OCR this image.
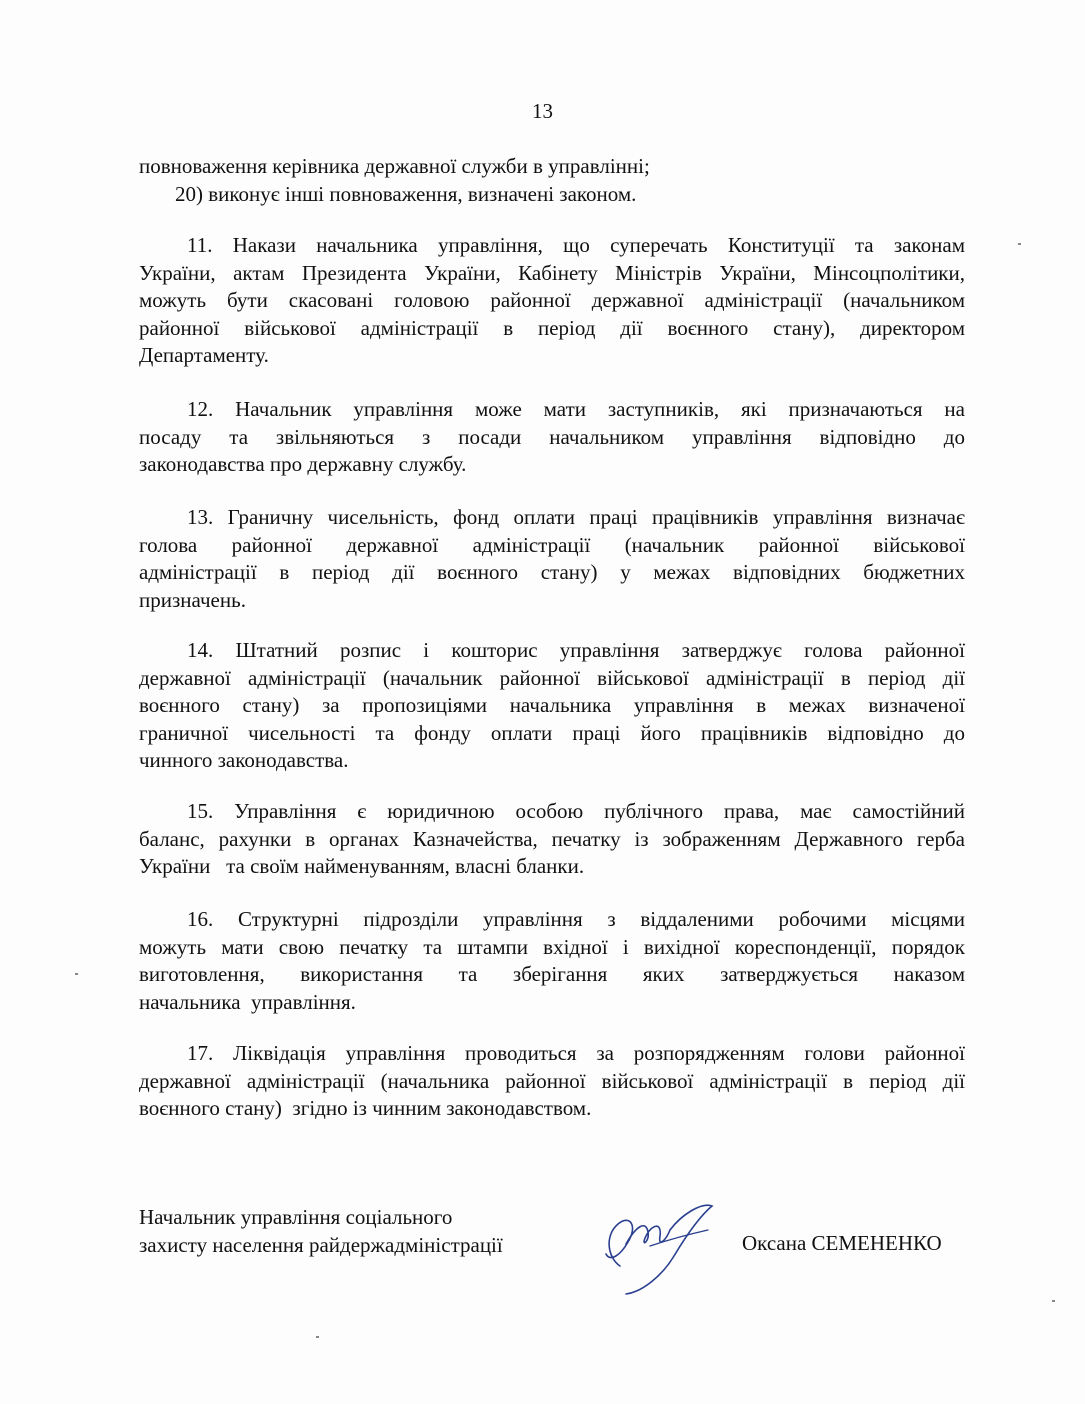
13
повноваження керівника державної служби в управлінні;
20) виконує інші повноваження, визначені законом.
11. Накази начальника управління, що суперечать Конституції та законам
України, актам Президента України, Кабінету Міністрів України, Мінсоцполітики,
можуть бути скасовані головою районної державної адміністрації (начальником
районної військової адміністрації в період дії воєнного стану), директором
Департаменту.
12. Начальник управління може мати заступників, які призначаються на
посаду та звільняються з посади начальником управління відповідно до
законодавства про державну службу.
13. Граничну чисельність, фонд оплати праці працівників управління визначає
голова районної державної адміністрації (начальник районної військової
адміністрації в період дії воєнного стану) у межах відповідних бюджетних
призначень.
14. Штатний розпис і кошторис управління затверджує голова районної
державної адміністрації (начальник районної військової адміністрації в період дії
воєнного стану) за пропозиціями начальника управління в межах визначеної
граничної чисельності та фонду оплати праці його працівників відповідно до
чинного законодавства.
15. Управління є юридичною особою публічного права, має самостійний
баланс, рахунки в органах Казначейства, печатку із зображенням Державного герба
України   та своїм найменуванням, власні бланки.
16. Структурні підрозділи управління з віддаленими робочими місцями
можуть мати свою печатку та штампи вхідної і вихідної кореспонденції, порядок
виготовлення, використання та зберігання яких затверджується наказом
начальника  управління.
17. Ліквідація управління проводиться за розпорядженням голови районної
державної адміністрації (начальника районної військової адміністрації в період дії
воєнного стану)  згідно із чинним законодавством.
Начальник управління соціального
захисту населення райдержадміністрації	Оксана СЕМЕНЕНКО
